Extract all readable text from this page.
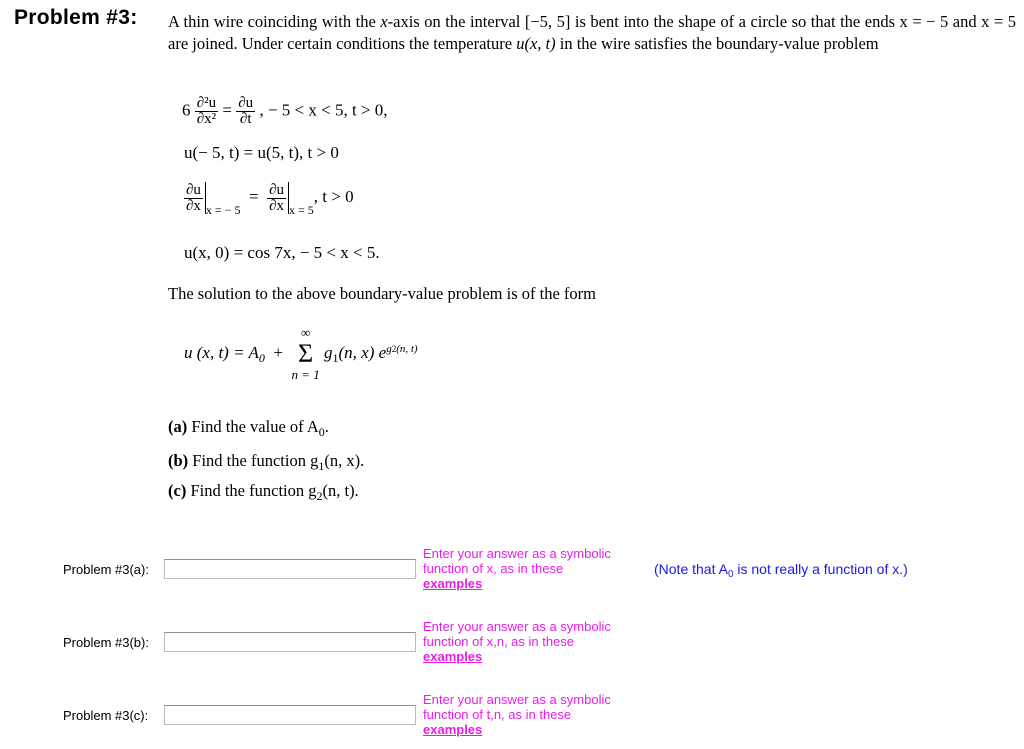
Problem #3: A thin wire coinciding with the x-axis on the interval [−5, 5] is bent into the shape of a circle so that the ends x = − 5 and x = 5 are joined. Under certain conditions the temperature u(x, t) in the wire satisfies the boundary-value problem
$6 \frac{\text{∂²u}}{\text{∂x²}} = \frac{\partial u}{\partial t}$ , − 5 < x < 5, t > 0,
u(− 5, t) = u(5, t), t > 0
$\frac{\partial u}{\partial x} _{x = - 5} = \frac{\partial u}{\partial x} _{x = 5}$, t > 0
u(x, 0) = cos 7x, − 5 < x < 5.
The solution to the above boundary-value problem is of the form
u (x, $t) = A_0$ +
∞
Σ
n = 1
$g_1(n$, x) $e^{g2(n, t)}$
(a) Find the value of $A_0$.
(b) Find the function $g_1(n$, x).
(c) Find the function $g_2(n$, t).
Problem #3(a):
Enter your answer as a symbolic
function of x, as in these
examples
(Note that $A_0$ is not really a function of x.)
Problem #3(b):
Enter your answer as a symbolic
function of x,n, as in these
examples
Problem #3(c):
Enter your answer as a symbolic
function of t,n, as in these
examples
